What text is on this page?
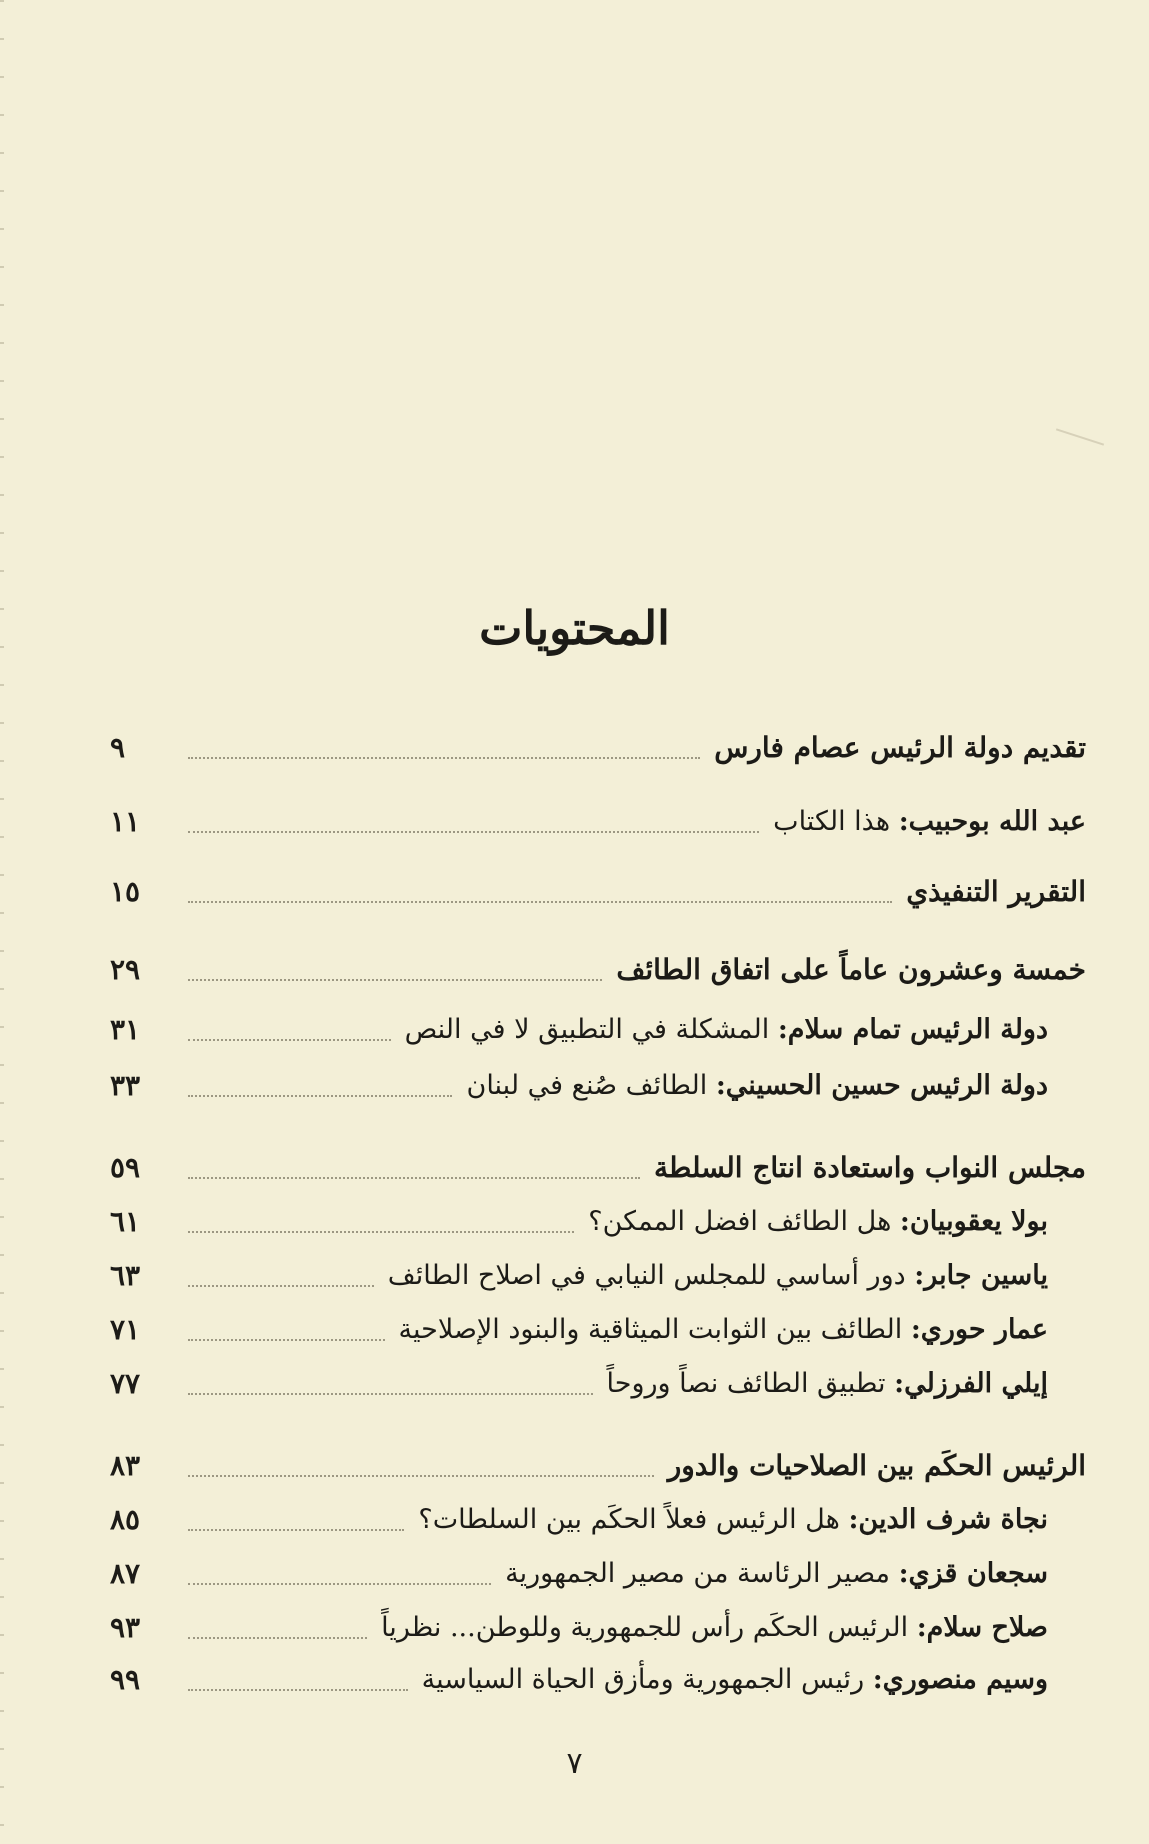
المحتويات
تقديم دولة الرئيس عصام فارس
٩
عبد الله بوحبيب: هذا الكتاب
١١
التقرير التنفيذي
١٥
خمسة وعشرون عاماً على اتفاق الطائف
٢٩
دولة الرئيس تمام سلام: المشكلة في التطبيق لا في النص
٣١
دولة الرئيس حسين الحسيني: الطائف صُنع في لبنان
٣٣
مجلس النواب واستعادة انتاج السلطة
٥٩
بولا يعقوبيان: هل الطائف افضل الممكن؟
٦١
ياسين جابر: دور أساسي للمجلس النيابي في اصلاح الطائف
٦٣
عمار حوري: الطائف بين الثوابت الميثاقية والبنود الإصلاحية
٧١
إيلي الفرزلي: تطبيق الطائف نصاً وروحاً
٧٧
الرئيس الحكَم بين الصلاحيات والدور
٨٣
نجاة شرف الدين: هل الرئيس فعلاً الحكَم بين السلطات؟
٨٥
سجعان قزي: مصير الرئاسة من مصير الجمهورية
٨٧
صلاح سلام: الرئيس الحكَم رأس للجمهورية وللوطن... نظرياً
٩٣
وسيم منصوري: رئيس الجمهورية ومأزق الحياة السياسية
٩٩
٧
